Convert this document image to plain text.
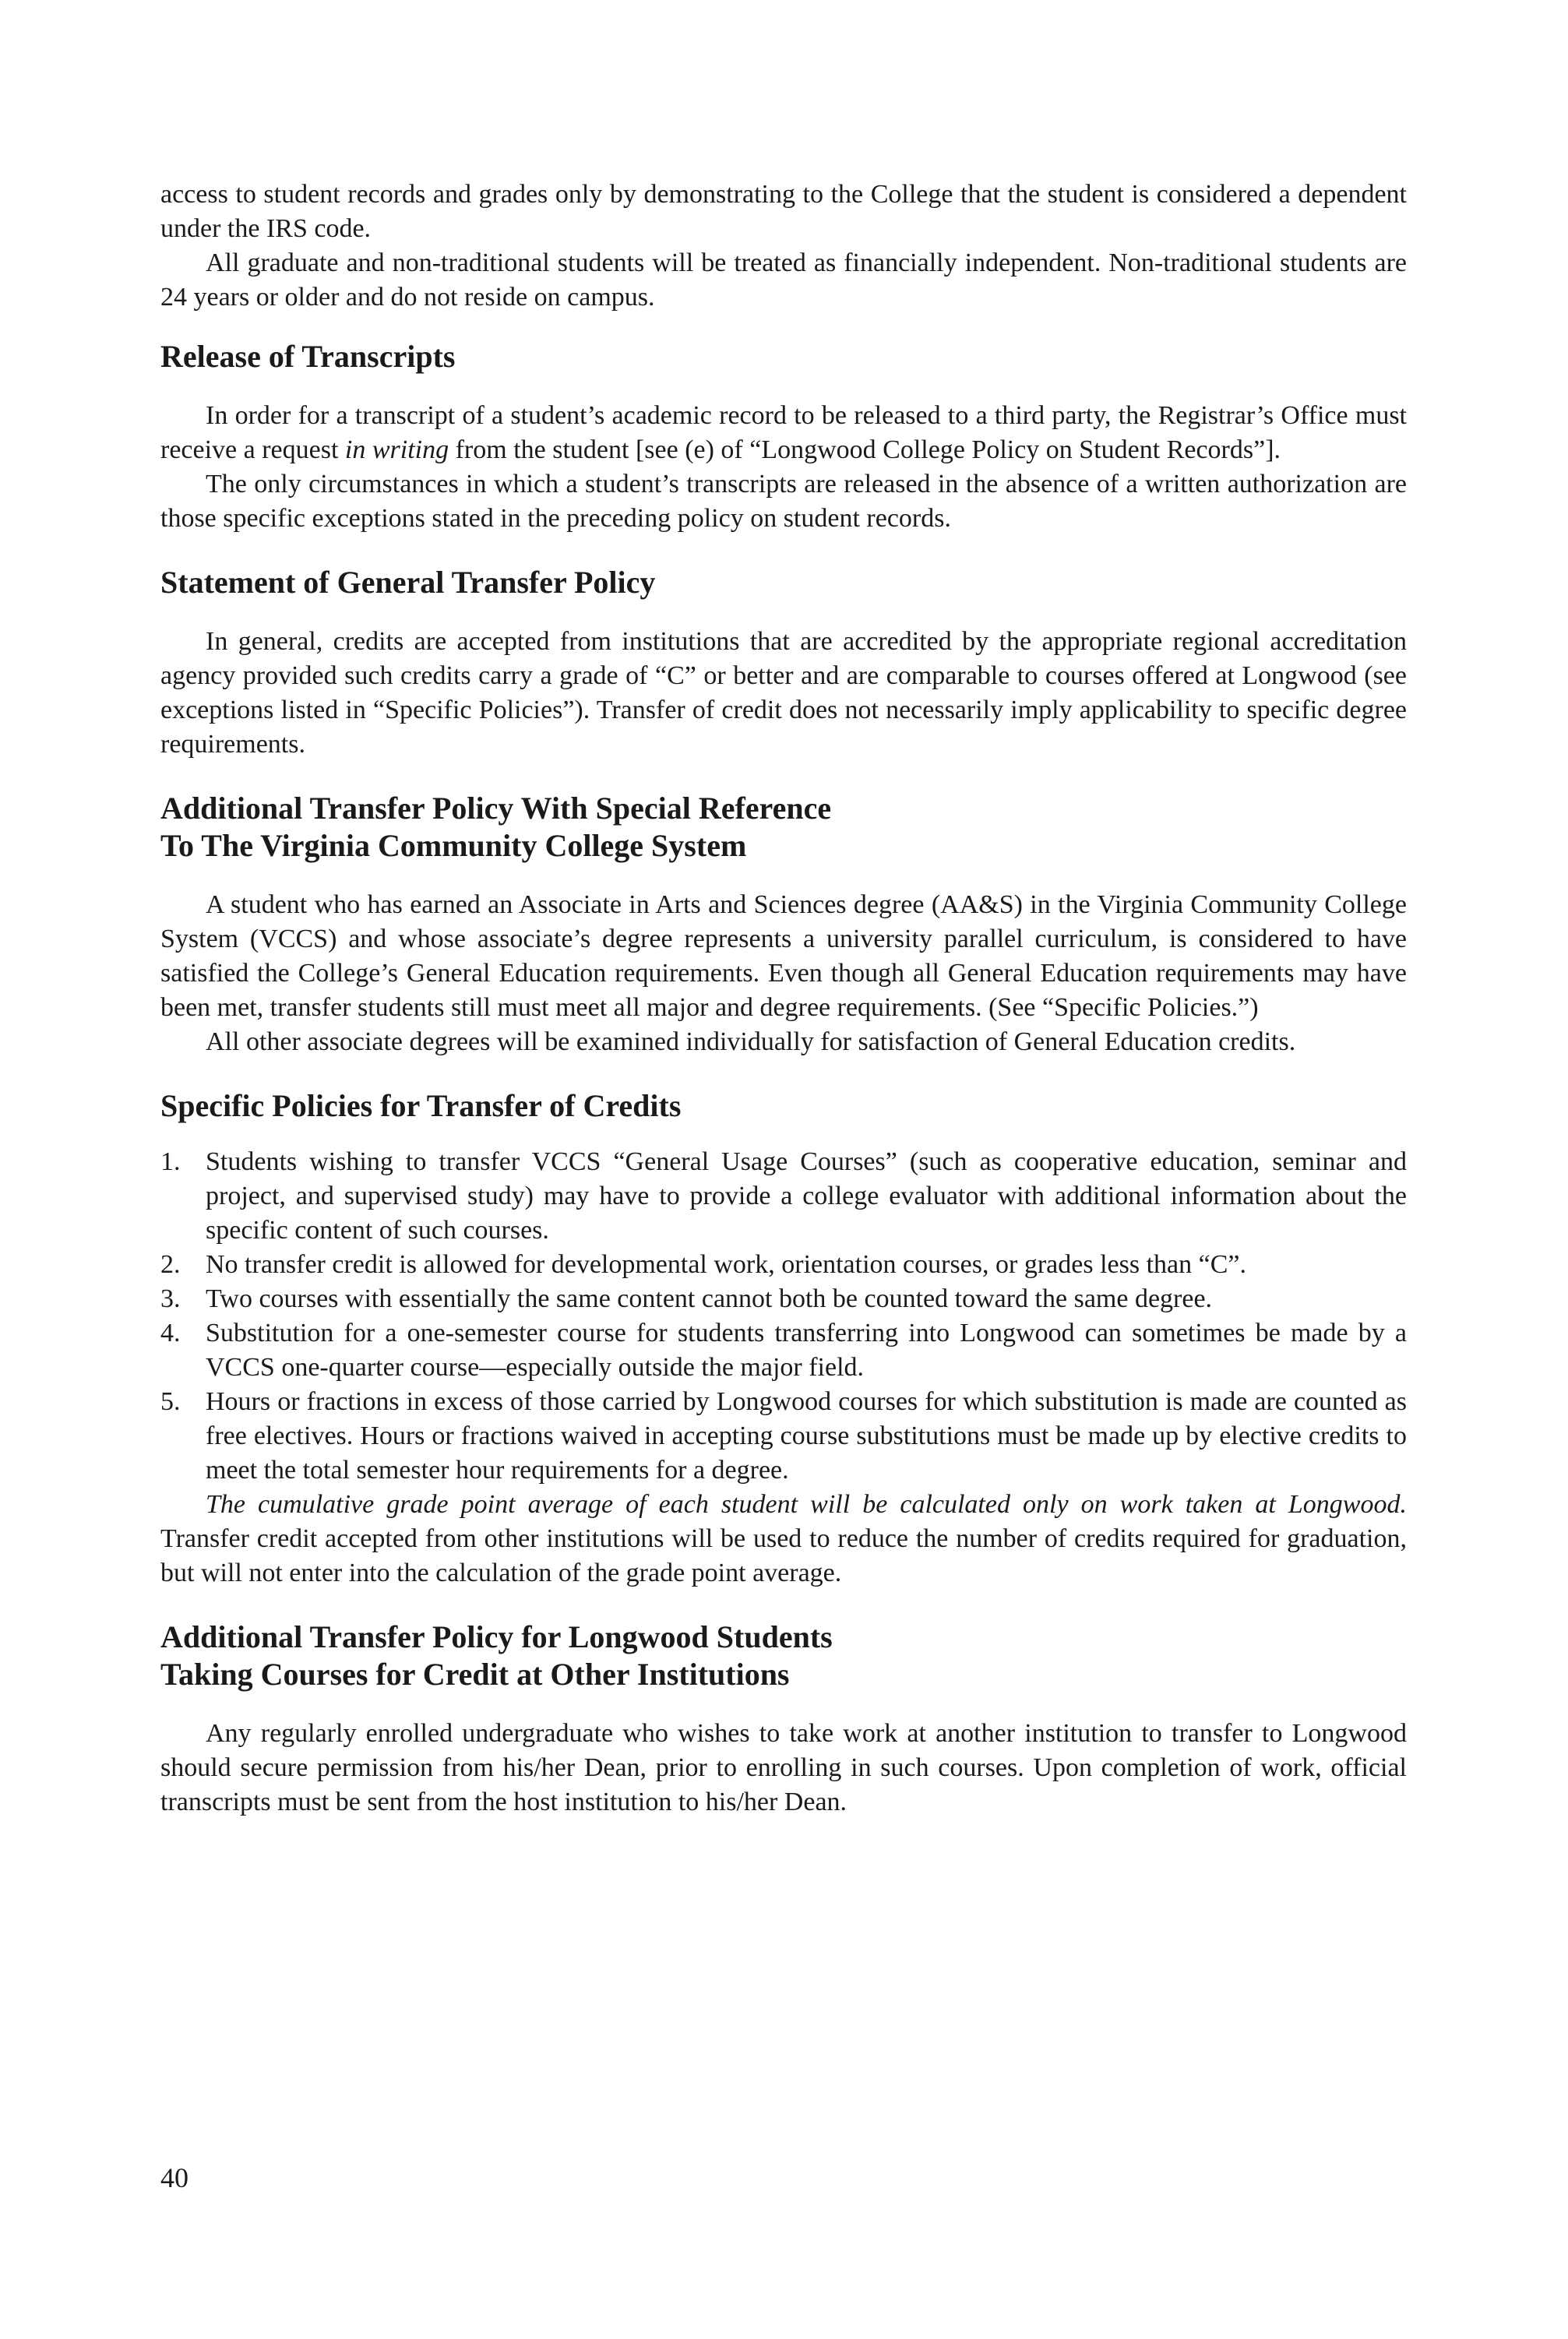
access to student records and grades only by demonstrating to the College that the student is considered a dependent under the IRS code.

All graduate and non-traditional students will be treated as financially independent. Non-traditional students are 24 years or older and do not reside on campus.

Release of Transcripts

In order for a transcript of a student’s academic record to be released to a third party, the Registrar’s Office must receive a request in writing from the student [see (e) of “Longwood College Policy on Student Records”].

The only circumstances in which a student’s transcripts are released in the absence of a written authorization are those specific exceptions stated in the preceding policy on student records.

Statement of General Transfer Policy

In general, credits are accepted from institutions that are accredited by the appropriate regional accreditation agency provided such credits carry a grade of “C” or better and are comparable to courses offered at Longwood (see exceptions listed in “Specific Policies”). Transfer of credit does not necessarily imply applicability to specific degree requirements.

Additional Transfer Policy With Special Reference
To The Virginia Community College System

A student who has earned an Associate in Arts and Sciences degree (AA&S) in the Virginia Community College System (VCCS) and whose associate’s degree represents a university parallel curriculum, is considered to have satisfied the College’s General Education requirements. Even though all General Education requirements may have been met, transfer students still must meet all major and degree requirements. (See “Specific Policies.”)

All other associate degrees will be examined individually for satisfaction of General Education credits.

Specific Policies for Transfer of Credits
1. Students wishing to transfer VCCS “General Usage Courses” (such as cooperative education, seminar and project, and supervised study) may have to provide a college evaluator with additional information about the specific content of such courses.
2. No transfer credit is allowed for developmental work, orientation courses, or grades less than “C”.
3. Two courses with essentially the same content cannot both be counted toward the same degree.
4. Substitution for a one-semester course for students transferring into Longwood can sometimes be made by a VCCS one-quarter course—especially outside the major field.
5. Hours or fractions in excess of those carried by Longwood courses for which substitution is made are counted as free electives. Hours or fractions waived in accepting course substitutions must be made up by elective credits to meet the total semester hour requirements for a degree.

The cumulative grade point average of each student will be calculated only on work taken at Longwood. Transfer credit accepted from other institutions will be used to reduce the number of credits required for graduation, but will not enter into the calculation of the grade point average.

Additional Transfer Policy for Longwood Students
Taking Courses for Credit at Other Institutions

Any regularly enrolled undergraduate who wishes to take work at another institution to transfer to Longwood should secure permission from his/her Dean, prior to enrolling in such courses. Upon completion of work, official transcripts must be sent from the host institution to his/her Dean.

40
